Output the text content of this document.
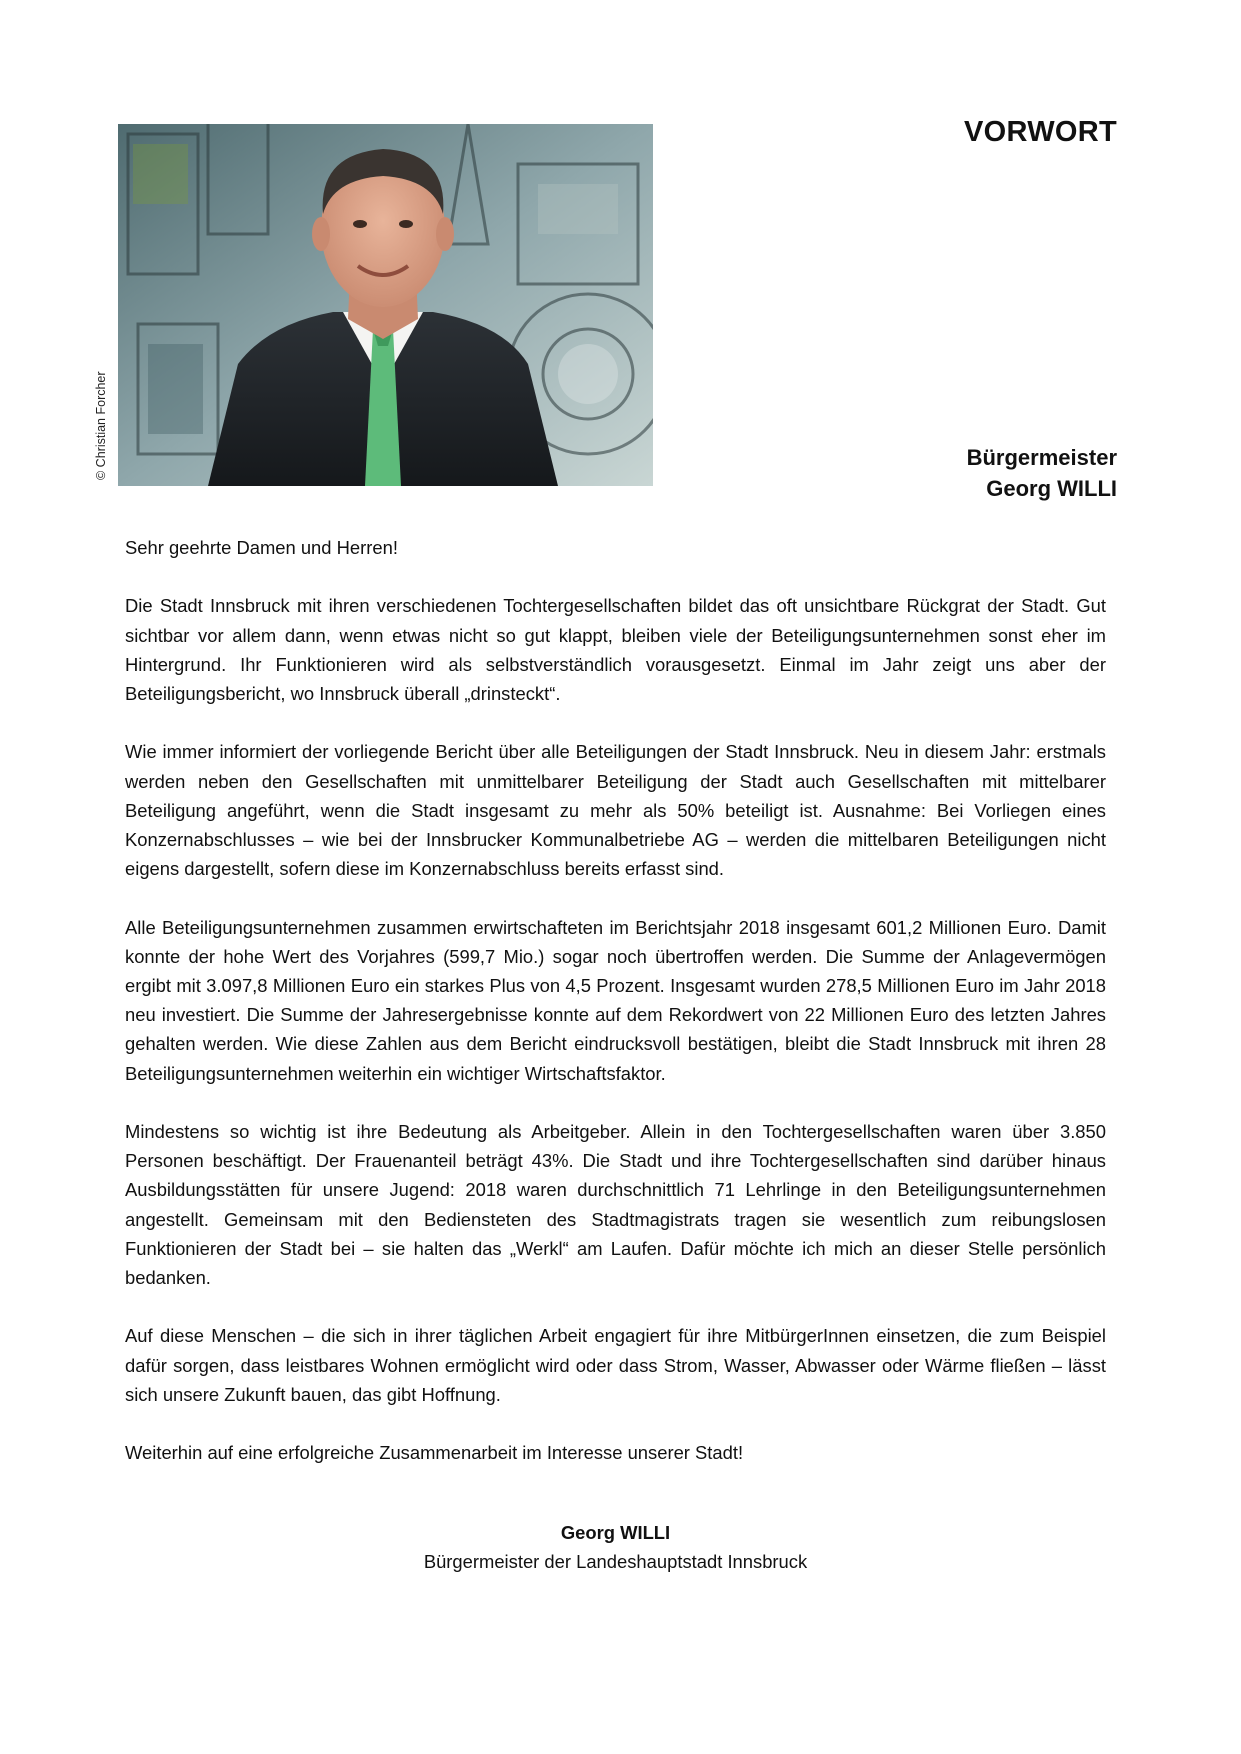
VORWORT
© Christian Forcher	Bürgermeister
Georg WILLI

Sehr geehrte Damen und Herren!

Die Stadt Innsbruck mit ihren verschiedenen Tochtergesellschaften bildet das oft unsichtbare Rückgrat der Stadt. Gut sichtbar vor allem dann, wenn etwas nicht so gut klappt, bleiben viele der Beteiligungsunternehmen sonst eher im Hintergrund. Ihr Funktionieren wird als selbstverständlich vorausgesetzt. Einmal im Jahr zeigt uns aber der Beteiligungsbericht, wo Innsbruck überall „drinsteckt“.

Wie immer informiert der vorliegende Bericht über alle Beteiligungen der Stadt Innsbruck. Neu in diesem Jahr: erstmals werden neben den Gesellschaften mit unmittelbarer Beteiligung der Stadt auch Gesellschaften mit mittelbarer Beteiligung angeführt, wenn die Stadt insgesamt zu mehr als 50% beteiligt ist. Ausnahme: Bei Vorliegen eines Konzernabschlusses – wie bei der Innsbrucker Kommunalbetriebe AG – werden die mittelbaren Beteiligungen nicht eigens dargestellt, sofern diese im Konzernabschluss bereits erfasst sind.

Alle Beteiligungsunternehmen zusammen erwirtschafteten im Berichtsjahr 2018 insgesamt 601,2 Millionen Euro. Damit konnte der hohe Wert des Vorjahres (599,7 Mio.) sogar noch übertroffen werden. Die Summe der Anlagevermögen ergibt mit 3.097,8 Millionen Euro ein starkes Plus von 4,5 Prozent. Insgesamt wurden 278,5 Millionen Euro im Jahr 2018 neu investiert. Die Summe der Jahresergebnisse konnte auf dem Rekordwert von 22 Millionen Euro des letzten Jahres gehalten werden. Wie diese Zahlen aus dem Bericht eindrucksvoll bestätigen, bleibt die Stadt Innsbruck mit ihren 28 Beteiligungsunternehmen weiterhin ein wichtiger Wirtschaftsfaktor.

Mindestens so wichtig ist ihre Bedeutung als Arbeitgeber. Allein in den Tochtergesellschaften waren über 3.850 Personen beschäftigt. Der Frauenanteil beträgt 43%. Die Stadt und ihre Tochtergesellschaften sind darüber hinaus Ausbildungsstätten für unsere Jugend: 2018 waren durchschnittlich 71 Lehrlinge in den Beteiligungsunternehmen angestellt. Gemeinsam mit den Bediensteten des Stadtmagistrats tragen sie wesentlich zum reibungslosen Funktionieren der Stadt bei – sie halten das „Werkl“ am Laufen. Dafür möchte ich mich an dieser Stelle persönlich bedanken.

Auf diese Menschen – die sich in ihrer täglichen Arbeit engagiert für ihre MitbürgerInnen einsetzen, die zum Beispiel dafür sorgen, dass leistbares Wohnen ermöglicht wird oder dass Strom, Wasser, Abwasser oder Wärme fließen – lässt sich unsere Zukunft bauen, das gibt Hoffnung.

Weiterhin auf eine erfolgreiche Zusammenarbeit im Interesse unserer Stadt!

Georg WILLI
Bürgermeister der Landeshauptstadt Innsbruck
